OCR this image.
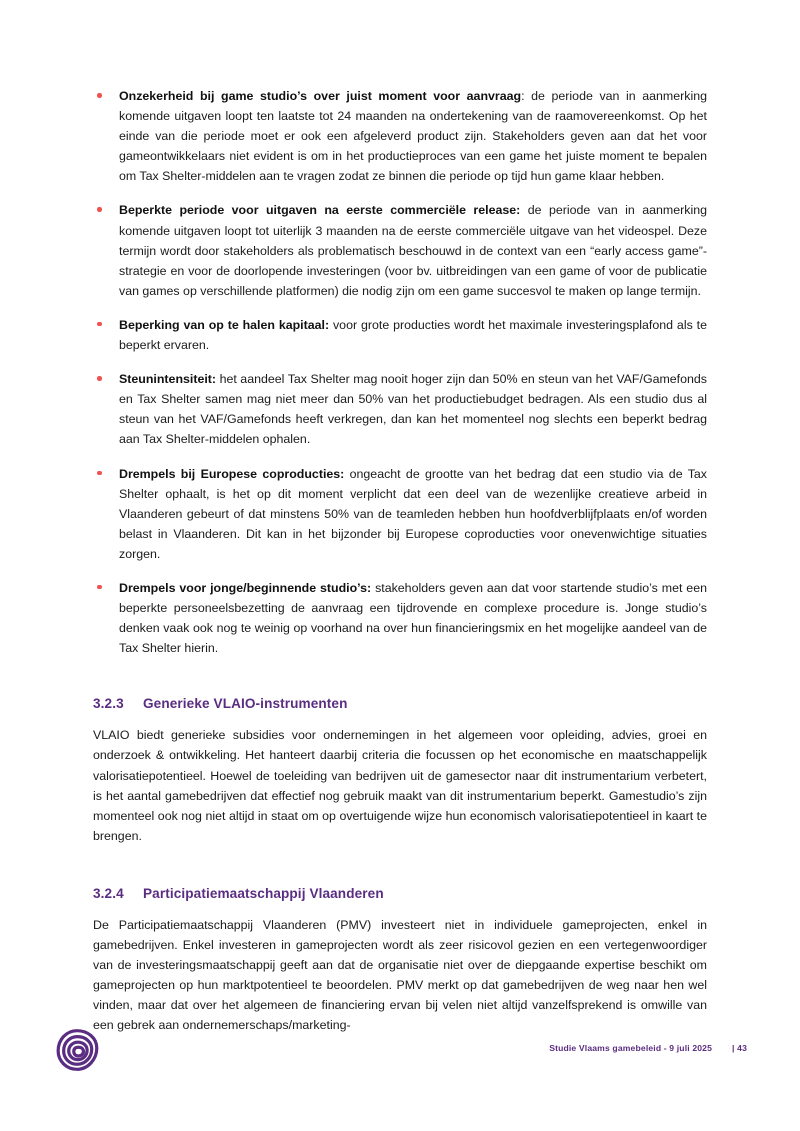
Onzekerheid bij game studio’s over juist moment voor aanvraag: de periode van in aanmerking komende uitgaven loopt ten laatste tot 24 maanden na ondertekening van de raamovereenkomst. Op het einde van die periode moet er ook een afgeleverd product zijn. Stakeholders geven aan dat het voor gameontwikkelaars niet evident is om in het productieproces van een game het juiste moment te bepalen om Tax Shelter-middelen aan te vragen zodat ze binnen die periode op tijd hun game klaar hebben.
Beperkte periode voor uitgaven na eerste commerciële release: de periode van in aanmerking komende uitgaven loopt tot uiterlijk 3 maanden na de eerste commerciële uitgave van het videospel. Deze termijn wordt door stakeholders als problematisch beschouwd in de context van een “early access game”-strategie en voor de doorlopende investeringen (voor bv. uitbreidingen van een game of voor de publicatie van games op verschillende platformen) die nodig zijn om een game succesvol te maken op lange termijn.
Beperking van op te halen kapitaal: voor grote producties wordt het maximale investeringsplafond als te beperkt ervaren.
Steunintensiteit: het aandeel Tax Shelter mag nooit hoger zijn dan 50% en steun van het VAF/Gamefonds en Tax Shelter samen mag niet meer dan 50% van het productiebudget bedragen. Als een studio dus al steun van het VAF/Gamefonds heeft verkregen, dan kan het momenteel nog slechts een beperkt bedrag aan Tax Shelter-middelen ophalen.
Drempels bij Europese coproducties: ongeacht de grootte van het bedrag dat een studio via de Tax Shelter ophaalt, is het op dit moment verplicht dat een deel van de wezenlijke creatieve arbeid in Vlaanderen gebeurt of dat minstens 50% van de teamleden hebben hun hoofdverblijfplaats en/of worden belast in Vlaanderen. Dit kan in het bijzonder bij Europese coproducties voor onevenwichtige situaties zorgen.
Drempels voor jonge/beginnende studio’s: stakeholders geven aan dat voor startende studio’s met een beperkte personeelsbezetting de aanvraag een tijdrovende en complexe procedure is. Jonge studio’s denken vaak ook nog te weinig op voorhand na over hun financieringsmix en het mogelijke aandeel van de Tax Shelter hierin.
3.2.3	Generieke VLAIO-instrumenten

VLAIO biedt generieke subsidies voor ondernemingen in het algemeen voor opleiding, advies, groei en onderzoek & ontwikkeling. Het hanteert daarbij criteria die focussen op het economische en maatschappelijk valorisatiepotentieel. Hoewel de toeleiding van bedrijven uit de gamesector naar dit instrumentarium verbetert, is het aantal gamebedrijven dat effectief nog gebruik maakt van dit instrumentarium beperkt. Gamestudio’s zijn momenteel ook nog niet altijd in staat om op overtuigende wijze hun economisch valorisatiepotentieel in kaart te brengen.

3.2.4	Participatiemaatschappij Vlaanderen

De Participatiemaatschappij Vlaanderen (PMV) investeert niet in individuele gameprojecten, enkel in gamebedrijven. Enkel investeren in gameprojecten wordt als zeer risicovol gezien en een vertegenwoordiger van de investeringsmaatschappij geeft aan dat de organisatie niet over de diepgaande expertise beschikt om gameprojecten op hun marktpotentieel te beoordelen. PMV merkt op dat gamebedrijven de weg naar hen wel vinden, maar dat over het algemeen de financiering ervan bij velen niet altijd vanzelfsprekend is omwille van een gebrek aan ondernemerschaps/marketing-

Studie Vlaams gamebeleid - 9 juli 2025 | 43
